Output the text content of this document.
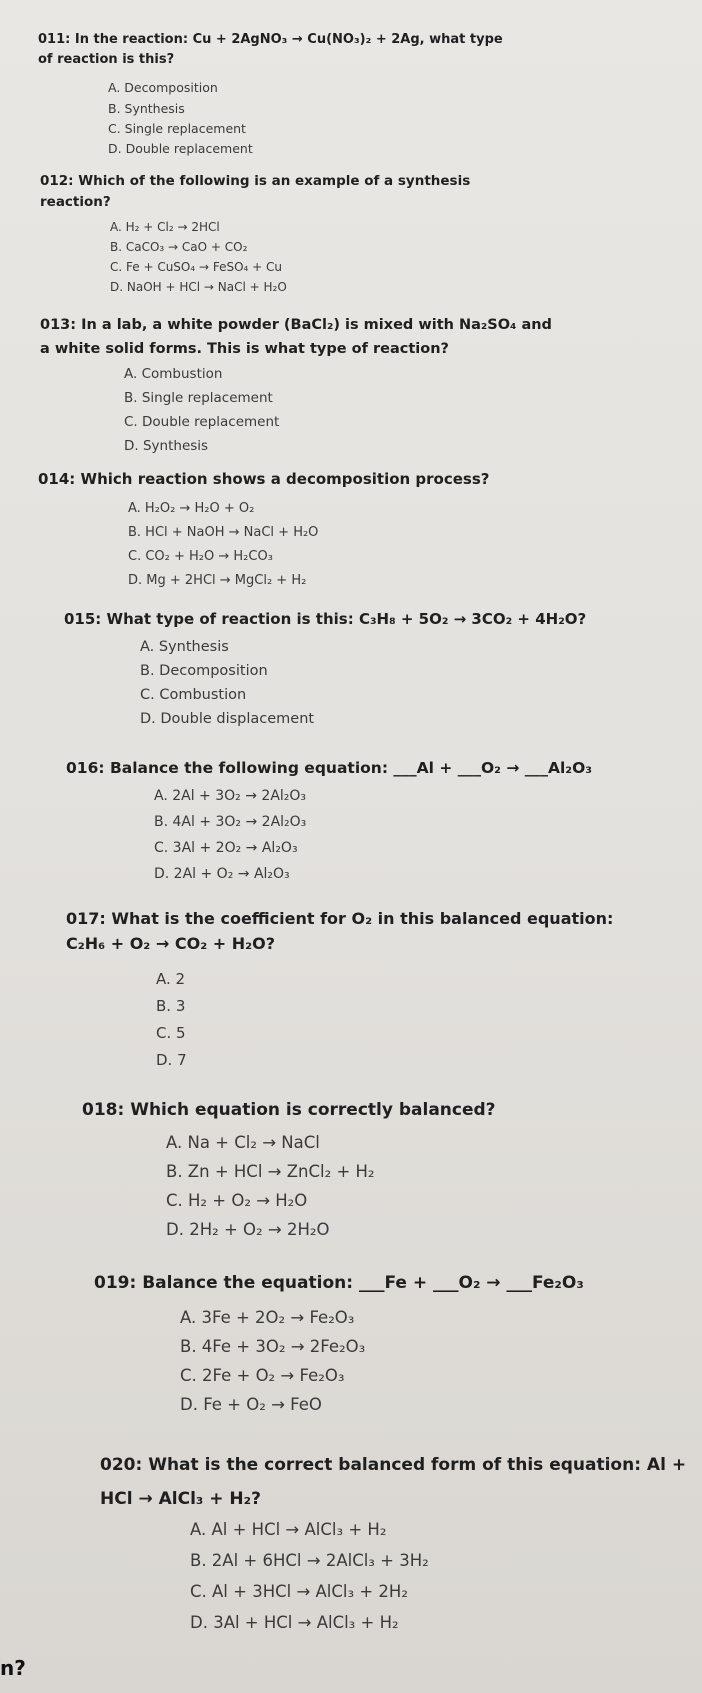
011: In the reaction: Cu + 2AgNO₃ → Cu(NO₃)₂ + 2Ag, what type of reaction is this?

A. Decomposition

B. Synthesis

C. Single replacement

D. Double replacement

012: Which of the following is an example of a synthesis reaction?

A. H₂ + Cl₂ → 2HCl

B. CaCO₃ → CaO + CO₂

C. Fe + CuSO₄ → FeSO₄ + Cu

D. NaOH + HCl → NaCl + H₂O

013: In a lab, a white powder (BaCl₂) is mixed with Na₂SO₄ and a white solid forms. This is what type of reaction?

A. Combustion

B. Single replacement

C. Double replacement

D. Synthesis

014: Which reaction shows a decomposition process?

A. H₂O₂ → H₂O + O₂

B. HCl + NaOH → NaCl + H₂O

C. CO₂ + H₂O → H₂CO₃

D. Mg + 2HCl → MgCl₂ + H₂

015: What type of reaction is this: C₃H₈ + 5O₂ → 3CO₂ + 4H₂O?

A. Synthesis

B. Decomposition

C. Combustion

D. Double displacement

016: Balance the following equation: ___Al + ___O₂ → ___Al₂O₃

A. 2Al + 3O₂ → 2Al₂O₃

B. 4Al + 3O₂ → 2Al₂O₃

C. 3Al + 2O₂ → Al₂O₃

D. 2Al + O₂ → Al₂O₃

017: What is the coefficient for O₂ in this balanced equation: C₂H₆ + O₂ → CO₂ + H₂O?

A. 2

B. 3

C. 5

D. 7

018: Which equation is correctly balanced?

A. Na + Cl₂ → NaCl

B. Zn + HCl → ZnCl₂ + H₂

C. H₂ + O₂ → H₂O

D. 2H₂ + O₂ → 2H₂O

019: Balance the equation: ___Fe + ___O₂ → ___Fe₂O₃

A. 3Fe + 2O₂ → Fe₂O₃

B. 4Fe + 3O₂ → 2Fe₂O₃

C. 2Fe + O₂ → Fe₂O₃

D. Fe + O₂ → FeO

020: What is the correct balanced form of this equation: Al + HCl → AlCl₃ + H₂?

A. Al + HCl → AlCl₃ + H₂

B. 2Al + 6HCl → 2AlCl₃ + 3H₂

C. Al + 3HCl → AlCl₃ + 2H₂

D. 3Al + HCl → AlCl₃ + H₂

n?
